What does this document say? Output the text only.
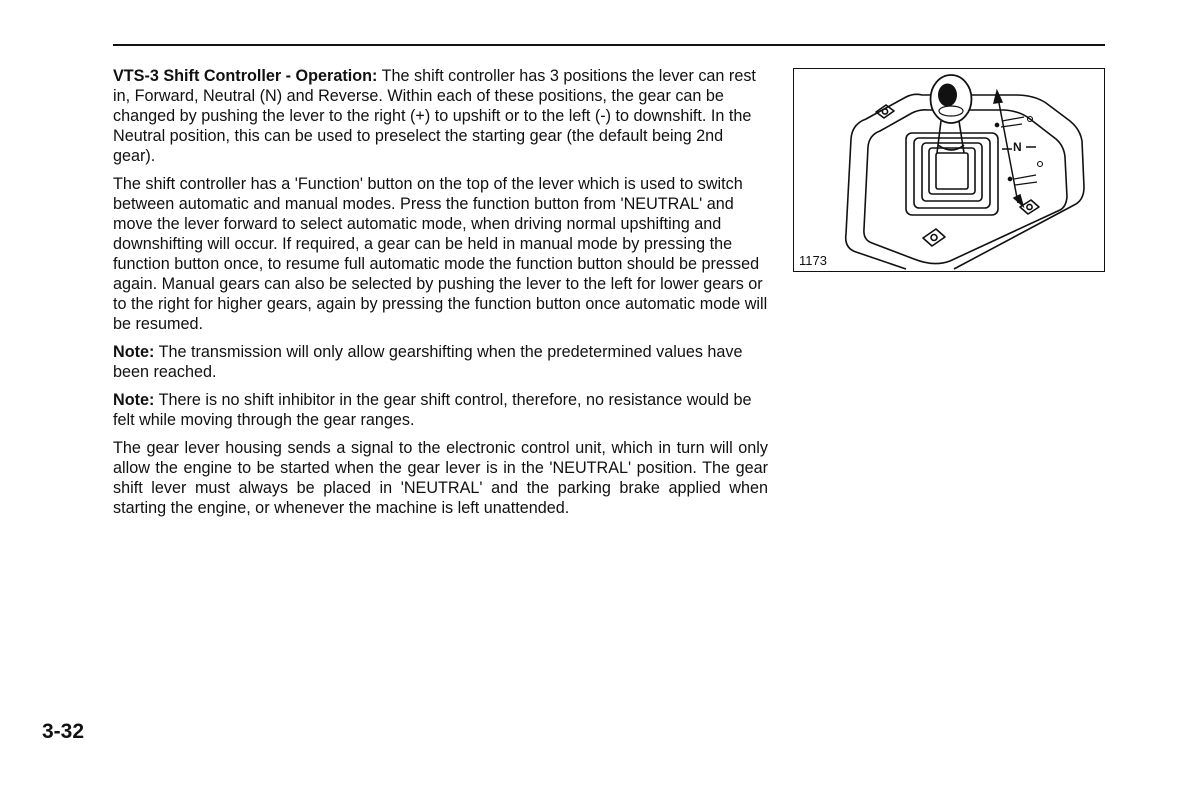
VTS-3 Shift Controller - Operation: The shift controller has 3 positions the lever can rest in, Forward, Neutral (N) and Reverse. Within each of these positions, the gear can be changed by pushing the lever to the right (+) to upshift or to the left (-) to downshift. In the Neutral position, this can be used to preselect the starting gear (the default being 2nd gear).

The shift controller has a 'Function' button on the top of the lever which is used to switch between automatic and manual modes. Press the function button from 'NEUTRAL' and move the lever forward to select automatic mode, when driving normal upshifting and downshifting will occur. If required, a gear can be held in manual mode by pressing the function button once, to resume full automatic mode the function button should be pressed again. Manual gears can also be selected by pushing the lever to the left for lower gears or to the right for higher gears, again by pressing the function button once automatic mode will be resumed.

Note: The transmission will only allow gearshifting when the predetermined values have been reached.

Note: There is no shift inhibitor in the gear shift control, therefore, no resistance would be felt while moving through the gear ranges.

The gear lever housing sends a signal to the electronic control unit, which in turn will only allow the engine to be started when the gear lever is in the 'NEUTRAL' position. The gear shift lever must always be placed in 'NEUTRAL' and the parking brake applied when starting the engine, or whenever the machine is left unattended.

N
1173
3-32
